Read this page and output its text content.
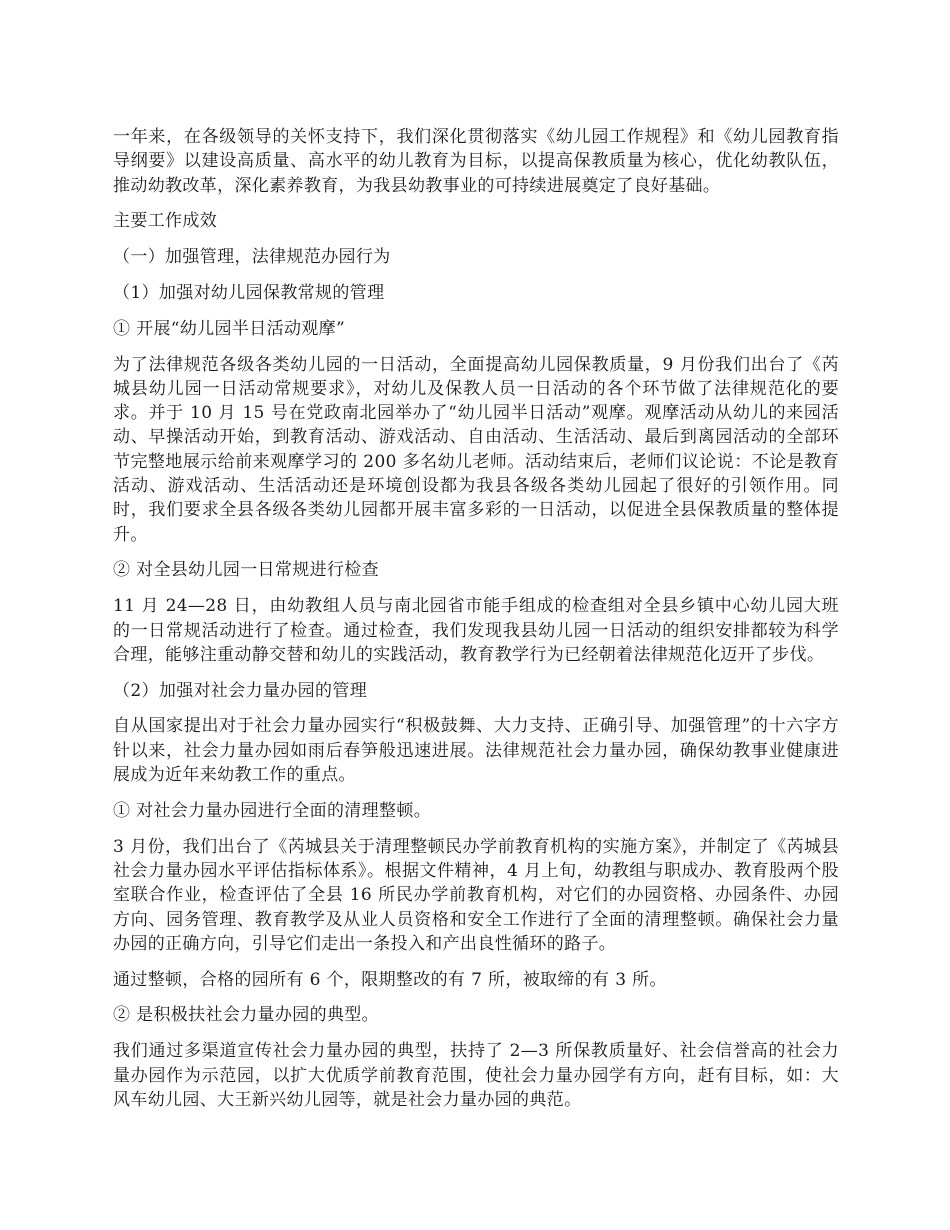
一年来，在各级领导的关怀支持下，我们深化贯彻落实《幼儿园工作规程》和《幼儿园教育指导纲要》以建设高质量、高水平的幼儿教育为目标，以提高保教质量为核心，优化幼教队伍，推动幼教改革，深化素养教育，为我县幼教事业的可持续进展奠定了良好基础。

主要工作成效

（一）加强管理，法律规范办园行为

（1）加强对幼儿园保教常规的管理

① 开展“幼儿园半日活动观摩”

为了法律规范各级各类幼儿园的一日活动，全面提高幼儿园保教质量，9 月份我们出台了《芮城县幼儿园一日活动常规要求》，对幼儿及保教人员一日活动的各个环节做了法律规范化的要求。并于 10 月 15 号在党政南北园举办了“幼儿园半日活动”观摩。观摩活动从幼儿的来园活动、早操活动开始，到教育活动、游戏活动、自由活动、生活活动、最后到离园活动的全部环节完整地展示给前来观摩学习的 200 多名幼儿老师。活动结束后，老师们议论说：不论是教育活动、游戏活动、生活活动还是环境创设都为我县各级各类幼儿园起了很好的引领作用。同时，我们要求全县各级各类幼儿园都开展丰富多彩的一日活动，以促进全县保教质量的整体提升。

② 对全县幼儿园一日常规进行检查

11 月 24—28 日，由幼教组人员与南北园省市能手组成的检查组对全县乡镇中心幼儿园大班的一日常规活动进行了检查。通过检查，我们发现我县幼儿园一日活动的组织安排都较为科学合理，能够注重动静交替和幼儿的实践活动，教育教学行为已经朝着法律规范化迈开了步伐。

（2）加强对社会力量办园的管理

自从国家提出对于社会力量办园实行“积极鼓舞、大力支持、正确引导、加强管理”的十六字方针以来，社会力量办园如雨后春笋般迅速进展。法律规范社会力量办园，确保幼教事业健康进展成为近年来幼教工作的重点。

① 对社会力量办园进行全面的清理整顿。

3 月份，我们出台了《芮城县关于清理整顿民办学前教育机构的实施方案》，并制定了《芮城县社会力量办园水平评估指标体系》。根据文件精神，4 月上旬，幼教组与职成办、教育股两个股室联合作业，检查评估了全县 16 所民办学前教育机构，对它们的办园资格、办园条件、办园方向、园务管理、教育教学及从业人员资格和安全工作进行了全面的清理整顿。确保社会力量办园的正确方向，引导它们走出一条投入和产出良性循环的路子。

通过整顿，合格的园所有 6 个，限期整改的有 7 所，被取缔的有 3 所。

② 是积极扶社会力量办园的典型。

我们通过多渠道宣传社会力量办园的典型，扶持了 2—3 所保教质量好、社会信誉高的社会力量办园作为示范园，以扩大优质学前教育范围，使社会力量办园学有方向，赶有目标，如：大风车幼儿园、大王新兴幼儿园等，就是社会力量办园的典范。
